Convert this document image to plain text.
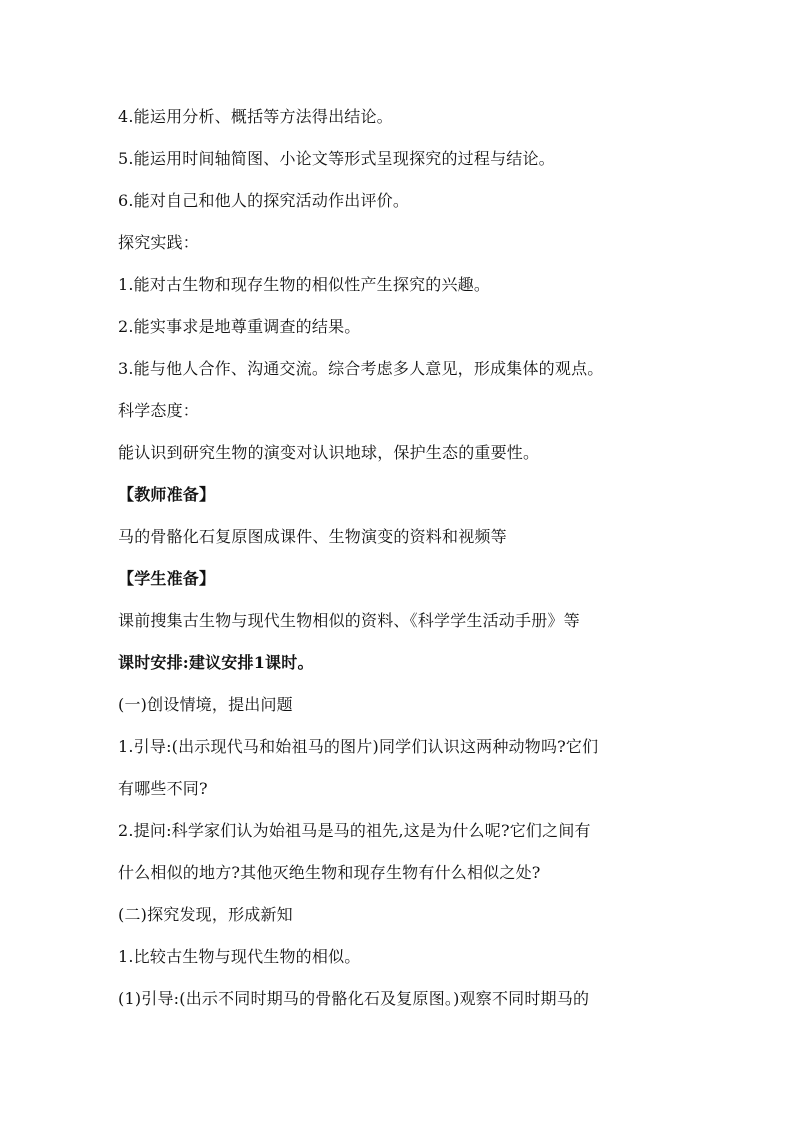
4.能运用分析、概括等方法得出结论。
5.能运用时间轴简图、小论文等形式呈现探究的过程与结论。
6.能对自己和他人的探究活动作出评价。
探究实践：
1.能对古生物和现存生物的相似性产生探究的兴趣。
2.能实事求是地尊重调查的结果。
3.能与他人合作、沟通交流。综合考虑多人意见，形成集体的观点。
科学态度：
能认识到研究生物的演变对认识地球，保护生态的重要性。
【教师准备】
马的骨骼化石复原图成课件、生物演变的资料和视频等
【学生准备】
课前搜集古生物与现代生物相似的资料、《科学学生活动手册》等
课时安排:建议安排1课时。
(一)创设情境，提出问题
1.引导:(出示现代马和始祖马的图片)同学们认识这两种动物吗?它们
有哪些不同?
2.提问:科学家们认为始祖马是马的祖先,这是为什么呢?它们之间有
什么相似的地方?其他灭绝生物和现存生物有什么相似之处?
(二)探究发现，形成新知
1.比较古生物与现代生物的相似。
(1)引导:(出示不同时期马的骨骼化石及复原图。)观察不同时期马的
